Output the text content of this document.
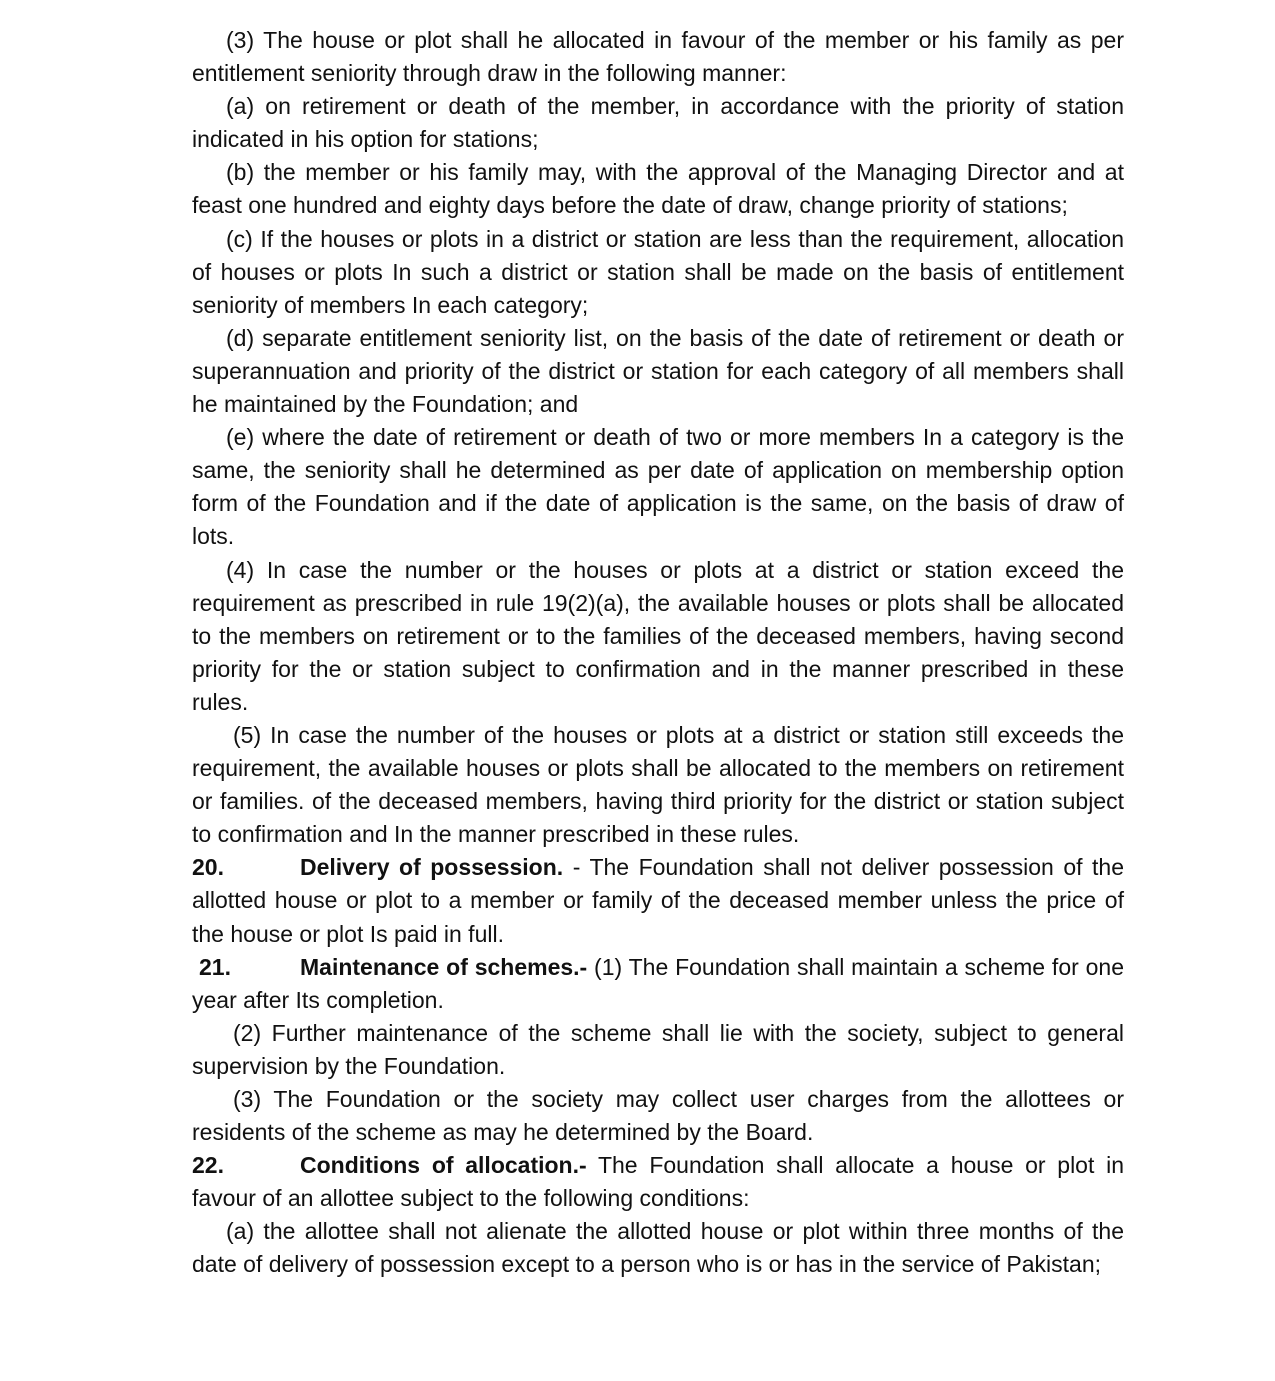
(3) The house or plot shall he allocated in favour of the member or his family as per entitlement seniority through draw in the following manner:

(a) on retirement or death of the member, in accordance with the priority of station indicated in his option for stations;

(b) the member or his family may, with the approval of the Managing Director and at feast one hundred and eighty days before the date of draw, change priority of stations;

(c) If the houses or plots in a district or station are less than the requirement, allocation of houses or plots In such a district or station shall be made on the basis of entitlement seniority of members In each category;

(d) separate entitlement seniority list, on the basis of the date of retirement or death or superannuation and priority of the district or station for each category of all members shall he maintained by the Foundation; and

(e) where the date of retirement or death of two or more members In a category is the same, the seniority shall he determined as per date of application on membership option form of the Foundation and if the date of application is the same, on the basis of draw of lots.

(4) In case the number or the houses or plots at a district or station exceed the requirement as prescribed in rule 19(2)(a), the available houses or plots shall be allocated to the members on retirement or to the families of the deceased members, having second priority for the or station subject to confirmation and in the manner prescribed in these rules.

(5) In case the number of the houses or plots at a district or station still exceeds the requirement, the available houses or plots shall be allocated to the members on retirement or families. of the deceased members, having third priority for the district or station subject to confirmation and In the manner prescribed in these rules.

20.	Delivery of possession. - The Foundation shall not deliver possession of the allotted house or plot to a member or family of the deceased member unless the price of the house or plot Is paid in full.

21.	Maintenance of schemes.- (1) The Foundation shall maintain a scheme for one year after Its completion.

(2) Further maintenance of the scheme shall lie with the society, subject to general supervision by the Foundation.

(3) The Foundation or the society may collect user charges from the allottees or residents of the scheme as may he determined by the Board.

22.	Conditions of allocation.- The Foundation shall allocate a house or plot in favour of an allottee subject to the following conditions:

(a) the allottee shall not alienate the allotted house or plot within three months of the date of delivery of possession except to a person who is or has in the service of Pakistan;
